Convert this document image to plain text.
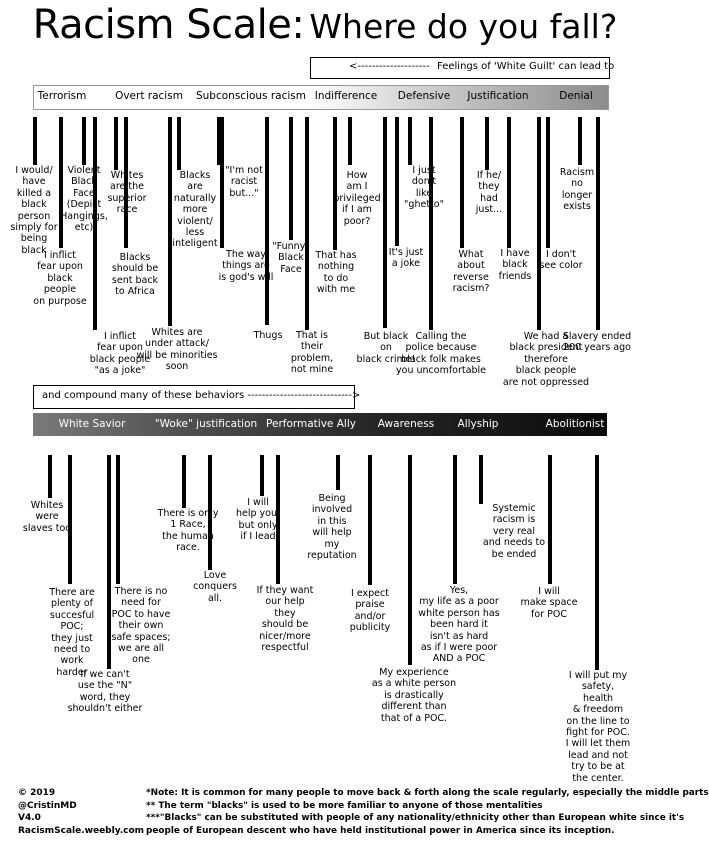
Racism Scale: Where do you fall?
<-------------------- Feelings of 'White Guilt' can lead to
Terrorism	Overt racism Subconscious racism Indifference Defensive Justification	Denial
I would/
have
killed a
black
person
simply for
being
black
I inflict
fear upon
black
people
on purpose
Violent
Black
Face
(Depict
Hangings,
etc)
I inflict
fear upon
black people
"as a joke"
Whites
are the
superior
race
Blacks
should be
sent back
to Africa
Whites are
under attack/
will be minorities
soon
Blacks
are
naturally
more
violent/
less
inteligent
"I'm not
racist
but..."
The way
things are
is god's will
Thugs
"Funny"
Black
Face
That is
their
problem,
not mine
That has
nothing
to do
with me
How
am I
privileged
if I am
poor?
But black
on
black crime!
It's just
a joke
I just
don't
like
"ghetto"
Calling the
police because
black folk makes
you uncomfortable
What
about
reverse
racism?
If he/
they
had
just...
I have
black
friends
We had a
black president
therefore
black people
are not oppressed
I don't
see color
Racism
no
longer
exists
Slavery ended
200 years ago
and compound many of these behaviors ----------------------------->
White Savior	"Woke" justification Performative Ally Awareness Allyship	Abolitionist
Whites
were
slaves too
There are
plenty of
succesful
POC;
they just
need to
work
harder
If we can't
use the "N"
word, they
shouldn't either
There is no
need for
POC to have
their own
safe spaces;
we are all
one
There is only
1 Race,
the human
race.
Love
conquers
all.
I will
help you,
but only
if I lead
If they want
our help
they
should be
nicer/more
respectful
Being
involved
in this
will help
my
reputation
I expect
praise
and/or
publicity
My experience
as a white person
is drastically
different than
that of a POC.
Yes,
my life as a poor
white person has
been hard it
isn't as hard
as if I were poor
AND a POC
Systemic
racism is
very real
and needs to
be ended
I will
make space
for POC
I will put my
safety,
health
& freedom
on the line to
fight for POC.
I will let them
lead and not
try to be at
the center.
© 2019
@CristinMD
V4.0
RacismScale.weebly.com
*Note: It is common for many people to move back & forth along the scale regularly, especially the middle parts
** The term "blacks" is used to be more familiar to anyone of those mentalities
***"Blacks" can be substituted with people of any nationality/ethnicity other than European white since it's
people of European descent who have held institutional power in America since its inception.
